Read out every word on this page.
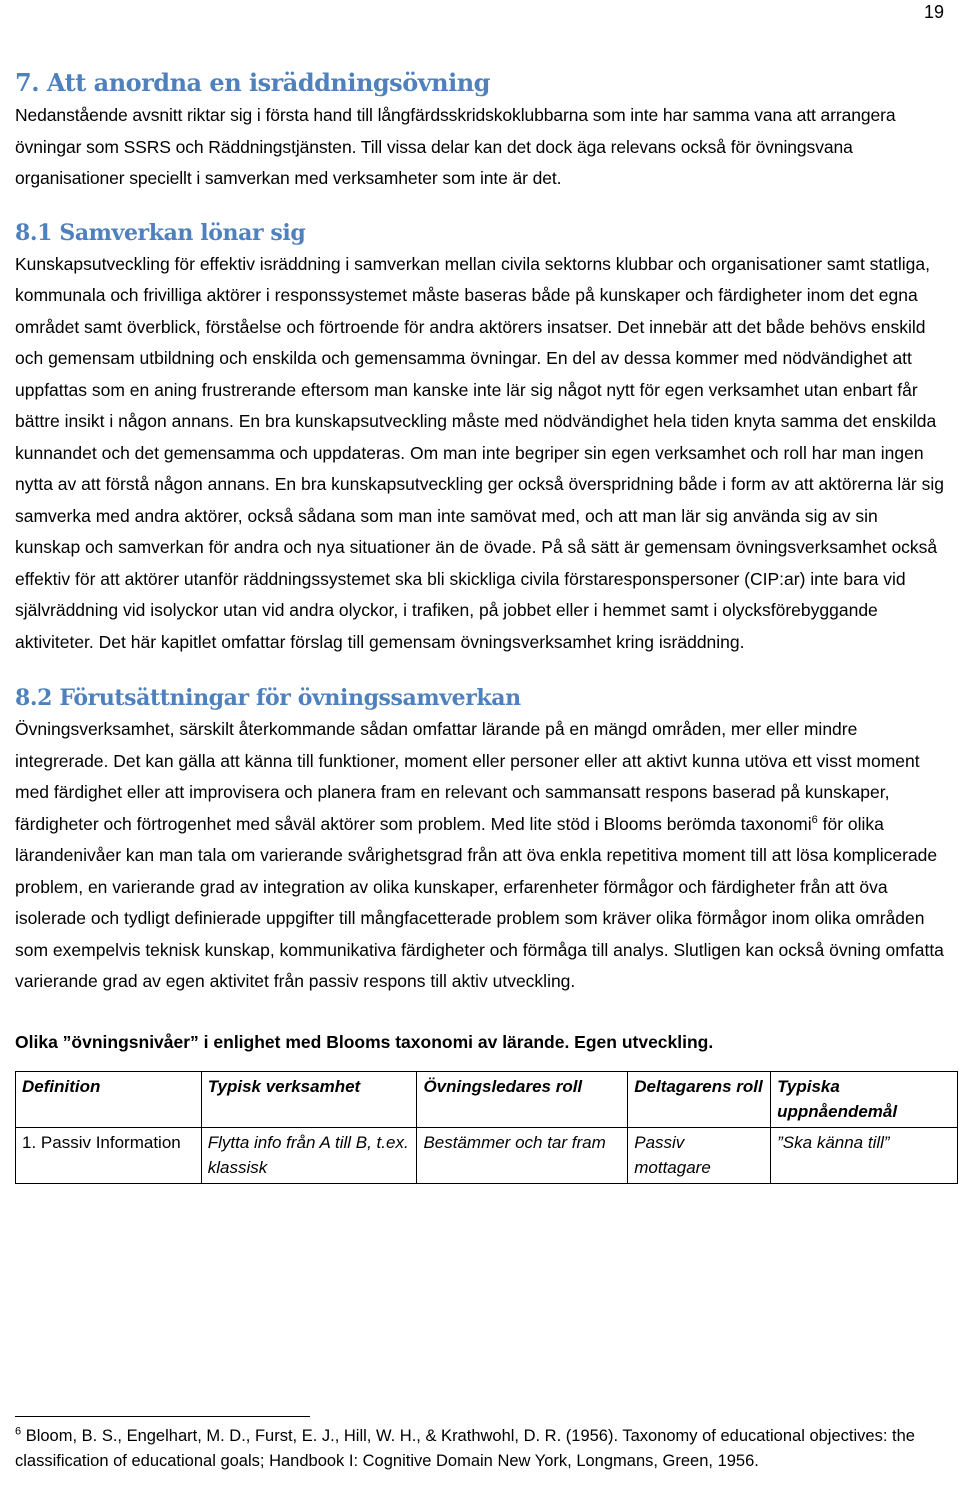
19
7. Att anordna en isräddningsövning

Nedanstående avsnitt riktar sig i första hand till långfärdsskridskoklubbarna som inte har samma vana att arrangera övningar som SSRS och Räddningstjänsten. Till vissa delar kan det dock äga relevans också för övningsvana organisationer speciellt i samverkan med verksamheter som inte är det.

8.1 Samverkan lönar sig

Kunskapsutveckling för effektiv isräddning i samverkan mellan civila sektorns klubbar och organisationer samt statliga, kommunala och frivilliga aktörer i responssystemet måste baseras både på kunskaper och färdigheter inom det egna området samt överblick, förståelse och förtroende för andra aktörers insatser. Det innebär att det både behövs enskild och gemensam utbildning och enskilda och gemensamma övningar. En del av dessa kommer med nödvändighet att uppfattas som en aning frustrerande eftersom man kanske inte lär sig något nytt för egen verksamhet utan enbart får bättre insikt i någon annans. En bra kunskapsutveckling måste med nödvändighet hela tiden knyta samma det enskilda kunnandet och det gemensamma och uppdateras. Om man inte begriper sin egen verksamhet och roll har man ingen nytta av att förstå någon annans. En bra kunskapsutveckling ger också överspridning både i form av att aktörerna lär sig samverka med andra aktörer, också sådana som man inte samövat med, och att man lär sig använda sig av sin kunskap och samverkan för andra och nya situationer än de övade. På så sätt är gemensam övningsverksamhet också effektiv för att aktörer utanför räddningssystemet ska bli skickliga civila förstaresponspersoner (CIP:ar) inte bara vid självräddning vid isolyckor utan vid andra olyckor, i trafiken, på jobbet eller i hemmet samt i olycksförebyggande aktiviteter. Det här kapitlet omfattar förslag till gemensam övningsverksamhet kring isräddning.

8.2 Förutsättningar för övningssamverkan

Övningsverksamhet, särskilt återkommande sådan omfattar lärande på en mängd områden, mer eller mindre integrerade. Det kan gälla att känna till funktioner, moment eller personer eller att aktivt kunna utöva ett visst moment med färdighet eller att improvisera och planera fram en relevant och sammansatt respons baserad på kunskaper, färdigheter och förtrogenhet med såväl aktörer som problem. Med lite stöd i Blooms berömda taxonomi$^6$ för olika lärandenivåer kan man tala om varierande svårighetsgrad från att öva enkla repetitiva moment till att lösa komplicerade problem, en varierande grad av integration av olika kunskaper, erfarenheter förmågor och färdigheter från att öva isolerade och tydligt definierade uppgifter till mångfacetterade problem som kräver olika förmågor inom olika områden som exempelvis teknisk kunskap, kommunikativa färdigheter och förmåga till analys. Slutligen kan också övning omfatta varierande grad av egen aktivitet från passiv respons till aktiv utveckling.

Olika ”övningsnivåer” i enlighet med Blooms taxonomi av lärande. Egen utveckling.

Definition	Typisk verksamhet	Övningsledares roll	Deltagarens roll	Typiska uppnåendemål
1. Passiv Information	Flytta info från A till B, t.ex. klassisk	Bestämmer och tar fram	Passiv mottagare	”Ska känna till”

$^6$ Bloom, B. S., Engelhart, M. D., Furst, E. J., Hill, W. H., & Krathwohl, D. R. (1956). Taxonomy of educational objectives: the classification of educational goals; Handbook I: Cognitive Domain New York, Longmans, Green, 1956.
